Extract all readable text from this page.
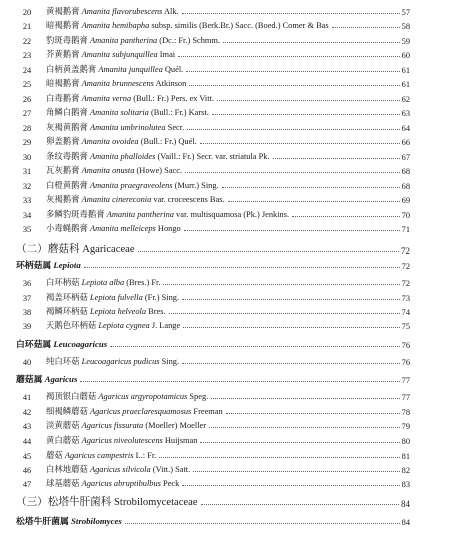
20	黄褐鹅膏 Amanita flavorubescens Alk.	57
21	暗褐鹅膏 Amanita hemibapha subsp. similis (Berk.Br.) Sacc. (Boed.) Comer & Bas	58
22	豹斑毒鹅膏 Amanita pantherina (Dc.: Fr.) Schmm.	59
23	芥黄鹅膏 Amanita subjunquillea Imai	60
24	白柄黄盖鹅膏 Amanita junquillea Quél.	61
25	暗褐鹅膏 Amanita brunnescens Atkinson	61
26	白毒鹅膏 Amanita verna (Bull.: Fr.) Pers. ex Vitt.	62
27	角鳞白鹅膏 Amanita solitaria (Bull.: Fr.) Karst.	63
28	灰褐黄鹅膏 Amanita umbrinolutea Secr.	64
29	卵盖鹅膏 Amanita ovoidea (Bull.: Fr.) Quél.	66
30	条纹毒鹅膏 Amanita phalloides (Vaill.: Fr.) Secr. var. striatula Pk.	67
31	瓦灰鹅膏 Amanita onusta (Howe) Sacc.	68
32	白橙黄鹅膏 Amanita praegraveolens (Murr.) Sing.	68
33	灰褐鹅膏 Amanita cinereconia var. croceescens Bas.	69
34	多鳞豹斑毒鹅膏 Amanita pantherina var. multisquamosa (Pk.) Jenkins.	70
35	小毒蝇鹅膏 Amanita melleiceps Hongo	71
（二）蘑菇科 Agaricaceae	72
环柄菇属 Lepiota	72
36	白环柄菇 Lepiota alba (Bres.) Fr.	72
37	褐盖环柄菇 Lepiota fulvella (Fr.) Sing.	73
38	褐鳞环柄菇 Lepiota helveola Bres.	74
39	天鹅色环柄菇 Lepiota cygnea J. Lange	75
白环菇属 Leucoagaricus	76
40	纯白环菇 Leucoagaricus pudicus Sing.	76
蘑菇属 Agaricus	77
41	褐顶银白蘑菇 Agaricus argyropotamicus Speg.	77
42	细褐鳞蘑菇 Agaricus praeclaresquamosus Freeman	78
43	淡黄蘑菇 Agaricus fissurata (Moeller) Moeller	79
44	黄白蘑菇 Agaricus niveolutescens Huijsman	80
45	蘑菇 Agaricus campestris L.: Fr.	81
46	白林地蘑菇 Agaricus silvicola (Vitt.) Satt.	82
47	球基蘑菇 Agaricus abruptibulbus Peck	83
（三）松塔牛肝菌科 Strobilomycetaceae	84
松塔牛肝菌属 Strobilomyces	84
